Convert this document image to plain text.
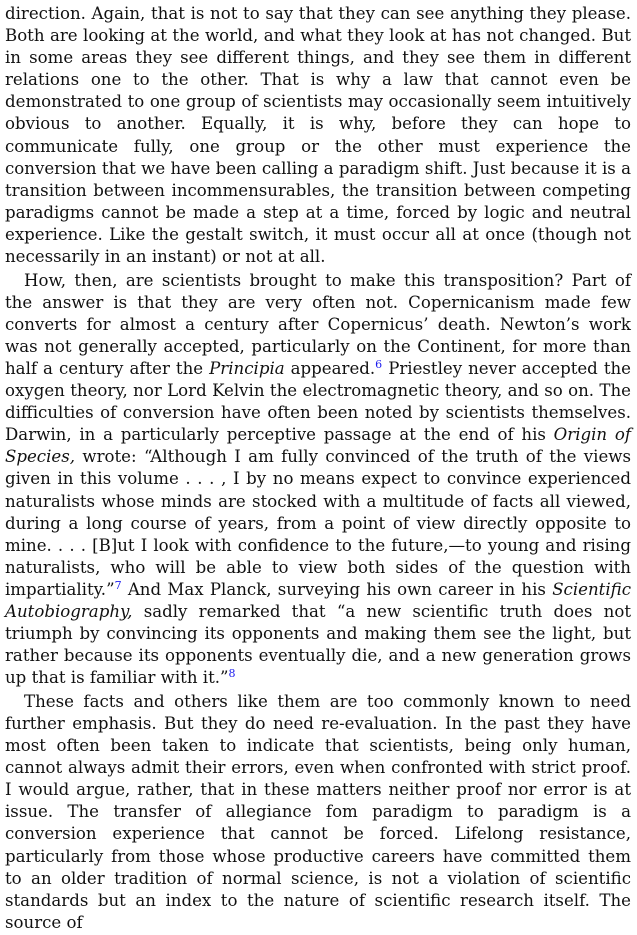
direction. Again, that is not to say that they can see anything they please. Both are looking at the world, and what they look at has not changed. But in some areas they see different things, and they see them in different relations one to the other. That is why a law that cannot even be demonstrated to one group of scientists may occasionally seem intuitively obvious to another. Equally, it is why, before they can hope to communicate fully, one group or the other must experience the conversion that we have been calling a paradigm shift. Just because it is a transition between incommensurables, the transition between competing paradigms cannot be made a step at a time, forced by logic and neutral experience. Like the gestalt switch, it must occur all at once (though not necessarily in an instant) or not at all.

How, then, are scientists brought to make this transposition? Part of the answer is that they are very often not. Copernicanism made few converts for almost a century after Copernicus’ death. Newton’s work was not generally accepted, particularly on the Continent, for more than half a century after the Principia appeared.$^6$ Priestley never accepted the oxygen theory, nor Lord Kelvin the electromagnetic theory, and so on. The difficulties of conversion have often been noted by scientists themselves. Darwin, in a particularly perceptive passage at the end of his Origin of Species, wrote: “Although I am fully convinced of the truth of the views given in this volume . . . , I by no means expect to convince experienced naturalists whose minds are stocked with a multitude of facts all viewed, during a long course of years, from a point of view directly opposite to mine. . . . [B]ut I look with confidence to the future,—to young and rising naturalists, who will be able to view both sides of the question with impartiality.”$^7$ And Max Planck, surveying his own career in his Scientific Autobiography, sadly remarked that “a new scientific truth does not triumph by convincing its opponents and making them see the light, but rather because its opponents eventually die, and a new generation grows up that is familiar with it.”$^8$

These facts and others like them are too commonly known to need further emphasis. But they do need re-evaluation. In the past they have most often been taken to indicate that scientists, being only human, cannot always admit their errors, even when confronted with strict proof. I would argue, rather, that in these matters neither proof nor error is at issue. The transfer of allegiance fom paradigm to paradigm is a conversion experience that cannot be forced. Lifelong resistance, particularly from those whose productive careers have committed them to an older tradition of normal science, is not a violation of scientific standards but an index to the nature of scientific research itself. The source of
